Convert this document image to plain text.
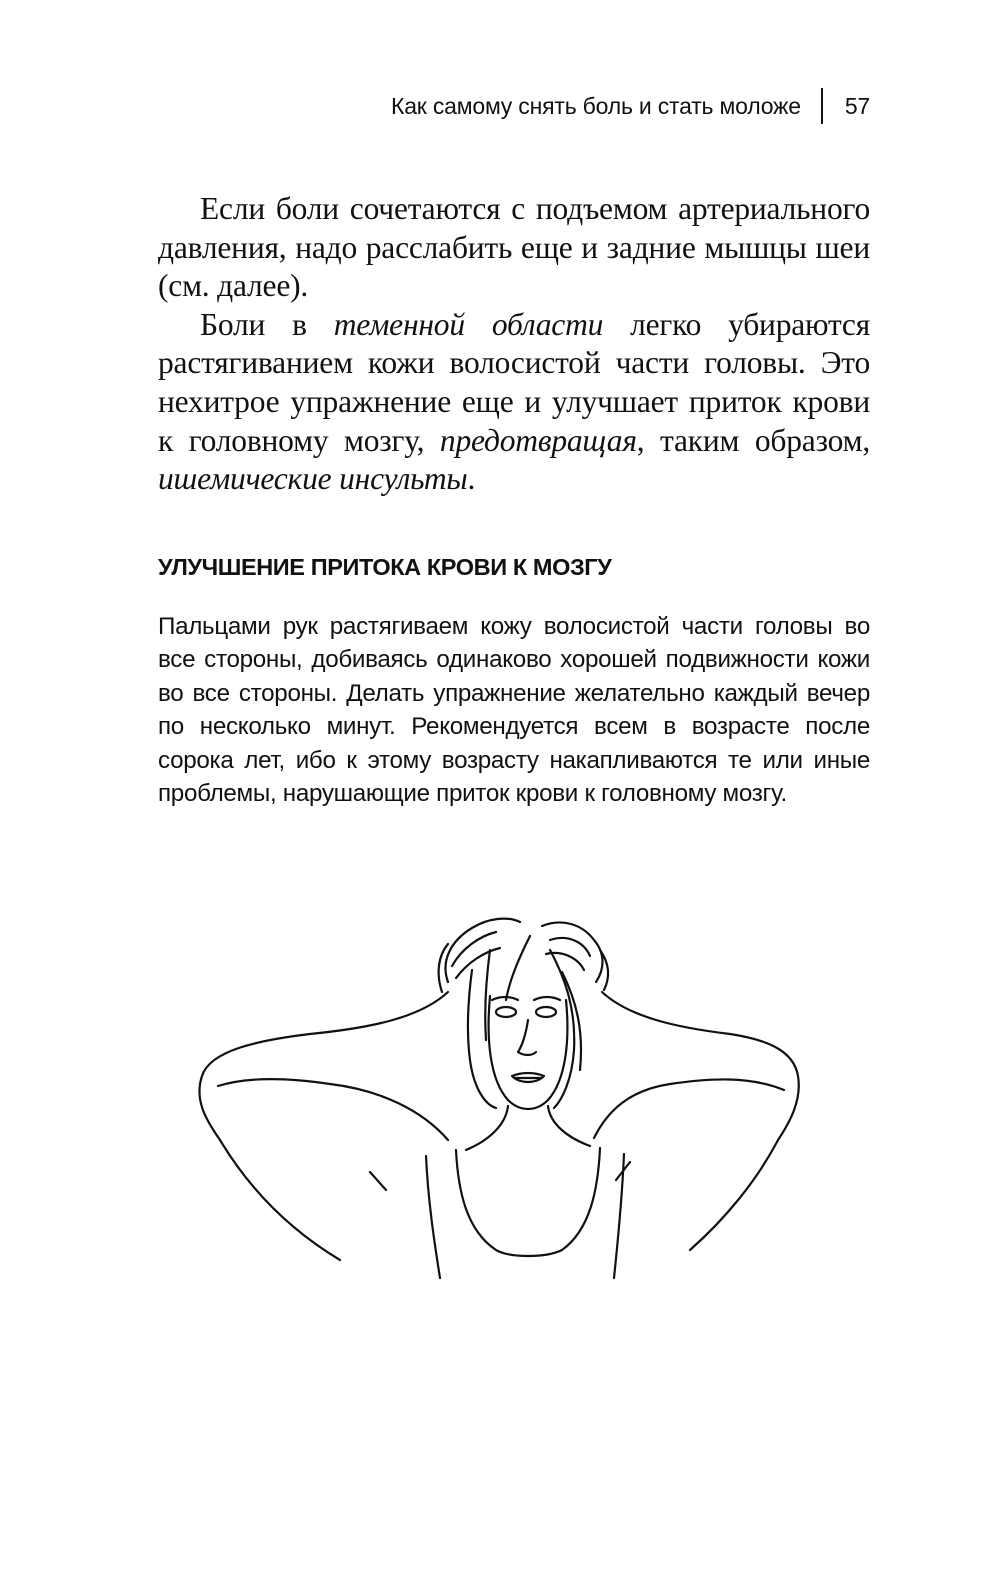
Как самому снять боль и стать моложе 57

Если боли сочетаются с подъемом артериального давления, надо расслабить еще и задние мышцы шеи (см. далее).

Боли в теменной области легко убираются растягиванием кожи волосистой части головы. Это нехитрое упражнение еще и улучшает приток крови к головному мозгу, предотвращая, таким образом, ишемические инсульты.

УЛУЧШЕНИЕ ПРИТОКА КРОВИ К МОЗГУ

Пальцами рук растягиваем кожу волосистой части головы во все стороны, добиваясь одинаково хорошей подвижности кожи во все стороны. Делать упражнение желательно каждый вечер по несколько минут. Рекомендуется всем в возрасте после сорока лет, ибо к этому возрасту накапливаются те или иные проблемы, нарушающие приток крови к головному мозгу.
